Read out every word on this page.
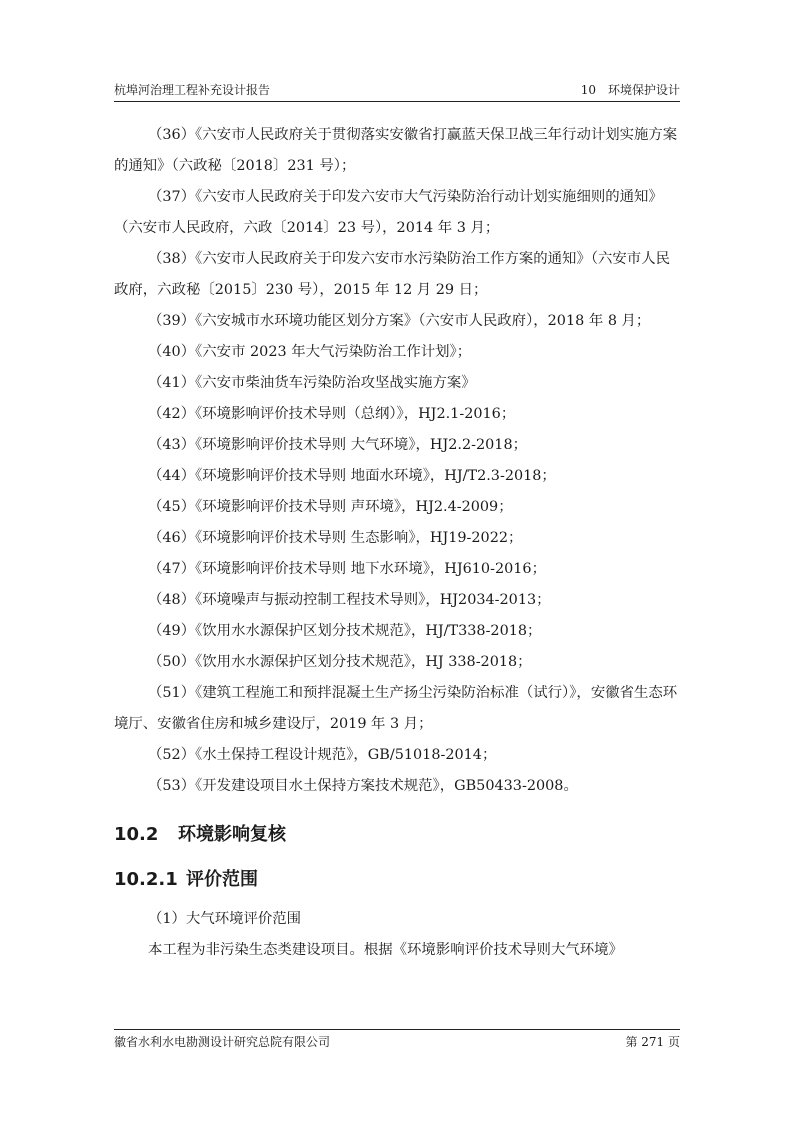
杭埠河治理工程补充设计报告	10　环境保护设计

（36）《六安市人民政府关于贯彻落实安徽省打赢蓝天保卫战三年行动计划实施方案的通知》（六政秘〔2018〕231 号）；

（37）《六安市人民政府关于印发六安市大气污染防治行动计划实施细则的通知》（六安市人民政府，六政〔2014〕23 号），2014 年 3 月；

（38）《六安市人民政府关于印发六安市水污染防治工作方案的通知》（六安市人民政府，六政秘〔2015〕230 号），2015 年 12 月 29 日；

（39）《六安城市水环境功能区划分方案》（六安市人民政府），2018 年 8 月；

（40）《六安市 2023 年大气污染防治工作计划》；

（41）《六安市柴油货车污染防治攻坚战实施方案》

（42）《环境影响评价技术导则（总纲）》，HJ2.1-2016；

（43）《环境影响评价技术导则 大气环境》，HJ2.2-2018；

（44）《环境影响评价技术导则 地面水环境》，HJ/T2.3-2018；

（45）《环境影响评价技术导则 声环境》，HJ2.4-2009；

（46）《环境影响评价技术导则 生态影响》，HJ19-2022；

（47）《环境影响评价技术导则 地下水环境》，HJ610-2016；

（48）《环境噪声与振动控制工程技术导则》，HJ2034-2013；

（49）《饮用水水源保护区划分技术规范》，HJ/T338-2018；

（50）《饮用水水源保护区划分技术规范》，HJ 338-2018；

（51）《建筑工程施工和预拌混凝土生产扬尘污染防治标准（试行）》，安徽省生态环境厅、安徽省住房和城乡建设厅，2019 年 3 月；

（52）《水土保持工程设计规范》，GB/51018-2014；

（53）《开发建设项目水土保持方案技术规范》，GB50433-2008。

10.2 环境影响复核
10.2.1 评价范围

（1）大气环境评价范围

本工程为非污染生态类建设项目。根据《环境影响评价技术导则大气环境》

徽省水利水电勘测设计研究总院有限公司	第 271 页
